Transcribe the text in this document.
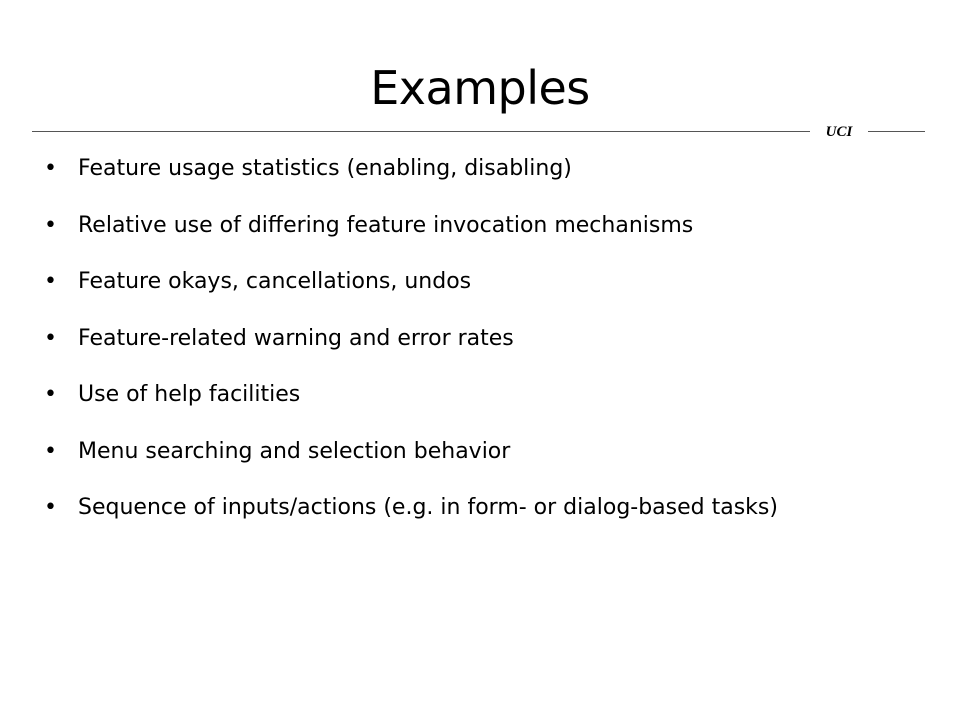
Examples
UCI
• Feature usage statistics (enabling, disabling)
• Relative use of differing feature invocation mechanisms
• Feature okays, cancellations, undos
• Feature-related warning and error rates
• Use of help facilities
• Menu searching and selection behavior
• Sequence of inputs/actions (e.g. in form- or dialog-based tasks)
